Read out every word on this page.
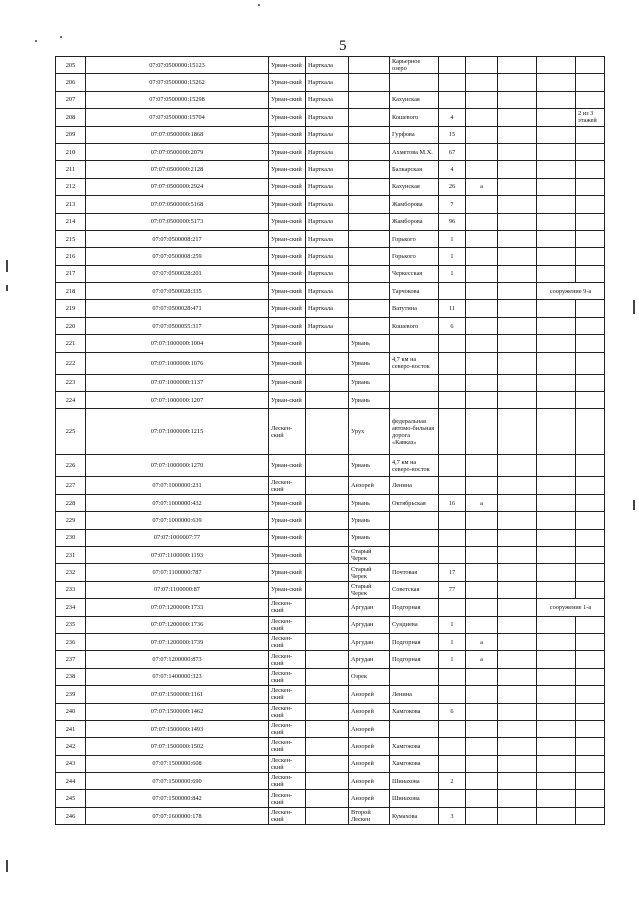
5
205	07:07:0500000:15123	Урван-ский	Нарткала		Карьерное озеро					
206	07:07:0500000:15262	Урван-ский	Нарткала							
207	07:07:0500000:15298	Урван-ский	Нарткала		Кахунская					
208	07:07:0500000:15704	Урван-ский	Нарткала		Кошевого	4				2 из 3 этажей
209	07:07:0500000:1868	Урван-ский	Нарткала		Гурфова	15				
210	07:07:0500000:2079	Урван-ский	Нарткала		Ахметова М.Х.	67				
211	07:07:0500000:2128	Урван-ский	Нарткала		Балкарская	4				
212	07:07:0500000:2924	Урван-ский	Нарткала		Кахунская	26	а			
213	07:07:0500000:5168	Урван-ский	Нарткала		Жамборова	7				
214	07:07:0500000:5173	Урван-ский	Нарткала		Жамборова	96				
215	07:07:0500008:217	Урван-ский	Нарткала		Горького	1				
216	07:07:0500008:259	Урван-ский	Нарткала		Горького	1				
217	07:07:0500028:201	Урван-ский	Нарткала		Черкесская	1				
218	07:07:0500028:335	Урван-ский	Нарткала		Тарчокова				сооружение 9-а	
219	07:07:0500028:471	Урван-ский	Нарткала		Ватутина	11				
220	07:07:0500055:317	Урван-ский	Нарткала		Кошевого	6				
221	07:07:1000000:1004	Урван-ский		Урвань						
222	07:07:1000000:1076	Урван-ский		Урвань	4,7 км на северо-восток					
223	07:07:1000000:1137	Урван-ский		Урвань						
224	07:07:1000000:1207	Урван-ский		Урвань						
225	07:07:1000000:1215	Лескен-ский		Урух	федеральная автомо-бильная дорога «Кавказ»					
226	07:07:1000000:1270	Урван-ский		Урвань	4,7 км на северо-восток					
227	07:07:1000000:231	Лескен-ский		Анзорей	Ленина					
228	07:07:1000000:432	Урван-ский		Урвань	Октябрьская	16	а			
229	07:07:1000000:639	Урван-ский		Урвань						
230	07:07:1000007:77	Урван-ский		Урвань						
231	07:07:1100000:1193	Урван-ский		Старый Черек						
232	07:07:1100000:787	Урван-ский		Старый Черек	Почтовая	17				
233	07:07:1100000:87	Урван-ский		Старый Черек	Советская	77				
234	07:07:1200000:1733	Лескен-ский		Аргудан	Подгорная				сооружение 1-а	
235	07:07:1200000:1736	Лескен-ский		Аргудан	Сундиева	1				
236	07:07:1200000:1739	Лескен-ский		Аргудан	Подгорная	1	а			
237	07:07:1200000:873	Лескен-ский		Аргудан	Подгорная	1	а			
238	07:07:1400000:323	Лескен-ский		Озрек						
239	07:07:1500000:1161	Лескен-ский		Анзорей	Ленина					
240	07:07:1500000:1462	Лескен-ский		Анзорей	Хамгокова	6				
241	07:07:1500000:1493	Лескен-ский		Анзорей						
242	07:07:1500000:1502	Лескен-ский		Анзорей	Хамгокова					
243	07:07:1500000:608	Лескен-ский		Анзорей	Хамгокова					
244	07:07:1500000:690	Лескен-ский		Анзорей	Шинахова	2				
245	07:07:1500000:842	Лескен-ский		Анзорей	Шинахова					
246	07:07:1600000:178	Лескен-ский		Второй Лескен	Кумахова	3				
